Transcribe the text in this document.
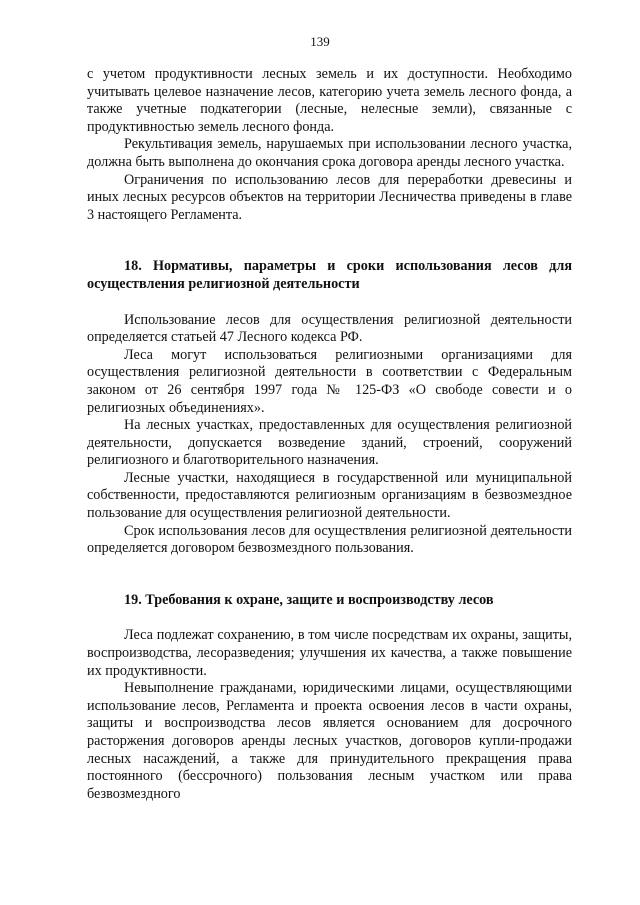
139

с учетом продуктивности лесных земель и их доступности. Необходимо учитывать целевое назначение лесов, категорию учета земель лесного фонда, а также учетные подкатегории (лесные, нелесные земли), связанные с продуктивностью земель лесного фонда.

Рекультивация земель, нарушаемых при использовании лесного участка, должна быть выполнена до окончания срока договора аренды лесного участка.

Ограничения по использованию лесов для переработки древесины и иных лесных ресурсов объектов на территории Лесничества приведены в главе 3 настоящего Регламента.

18. Нормативы, параметры и сроки использования лесов для осуществления религиозной деятельности

Использование лесов для осуществления религиозной деятельности определяется статьей 47 Лесного кодекса РФ.

Леса могут использоваться религиозными организациями для осуществления религиозной деятельности в соответствии с Федеральным законом от 26 сентября 1997 года № 125-ФЗ «О свободе совести и о религиозных объединениях».

На лесных участках, предоставленных для осуществления религиозной деятельности, допускается возведение зданий, строений, сооружений религиозного и благотворительного назначения.

Лесные участки, находящиеся в государственной или муниципальной собственности, предоставляются религиозным организациям в безвозмездное пользование для осуществления религиозной деятельности.

Срок использования лесов для осуществления религиозной деятельности определяется договором безвозмездного пользования.

19. Требования к охране, защите и воспроизводству лесов

Леса подлежат сохранению, в том числе посредствам их охраны, защиты, воспроизводства, лесоразведения; улучшения их качества, а также повышение их продуктивности.

Невыполнение гражданами, юридическими лицами, осуществляющими использование лесов, Регламента и проекта освоения лесов в части охраны, защиты и воспроизводства лесов является основанием для досрочного расторжения договоров аренды лесных участков, договоров купли-продажи лесных насаждений, а также для принудительного прекращения права постоянного (бессрочного) пользования лесным участком или права безвозмездного
